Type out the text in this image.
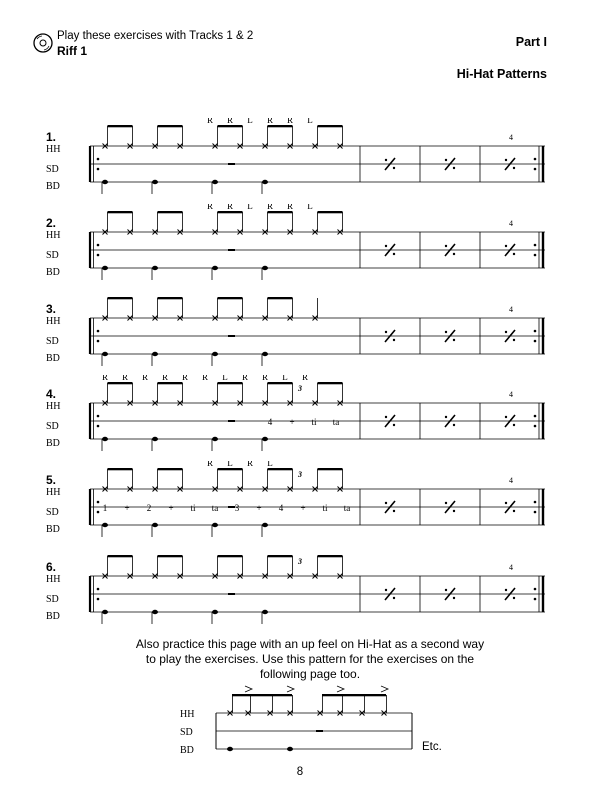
Play these exercises with Tracks 1 & 2
Riff 1
Part I
Hi-Hat Patterns
1.
HH
SD
BD
4
R R L R R L
2.
HH
SD
BD
4
R R L R R L
3.
HH
SD
BD
4
4.
HH
SD
BD
4
R R R R R R L R R L R
4 + ti ta
3
5.
HH
SD
BD
4
R L R L
1 + 2 + ti ta 3 + 4 + ti ta
3
6.
HH
SD
BD
4
3
Also practice this page with an up feel on Hi-Hat as a second way to play the exercises. Use this pattern for the exercises on the following page too.
HH
SD
BD	Etc.
8
